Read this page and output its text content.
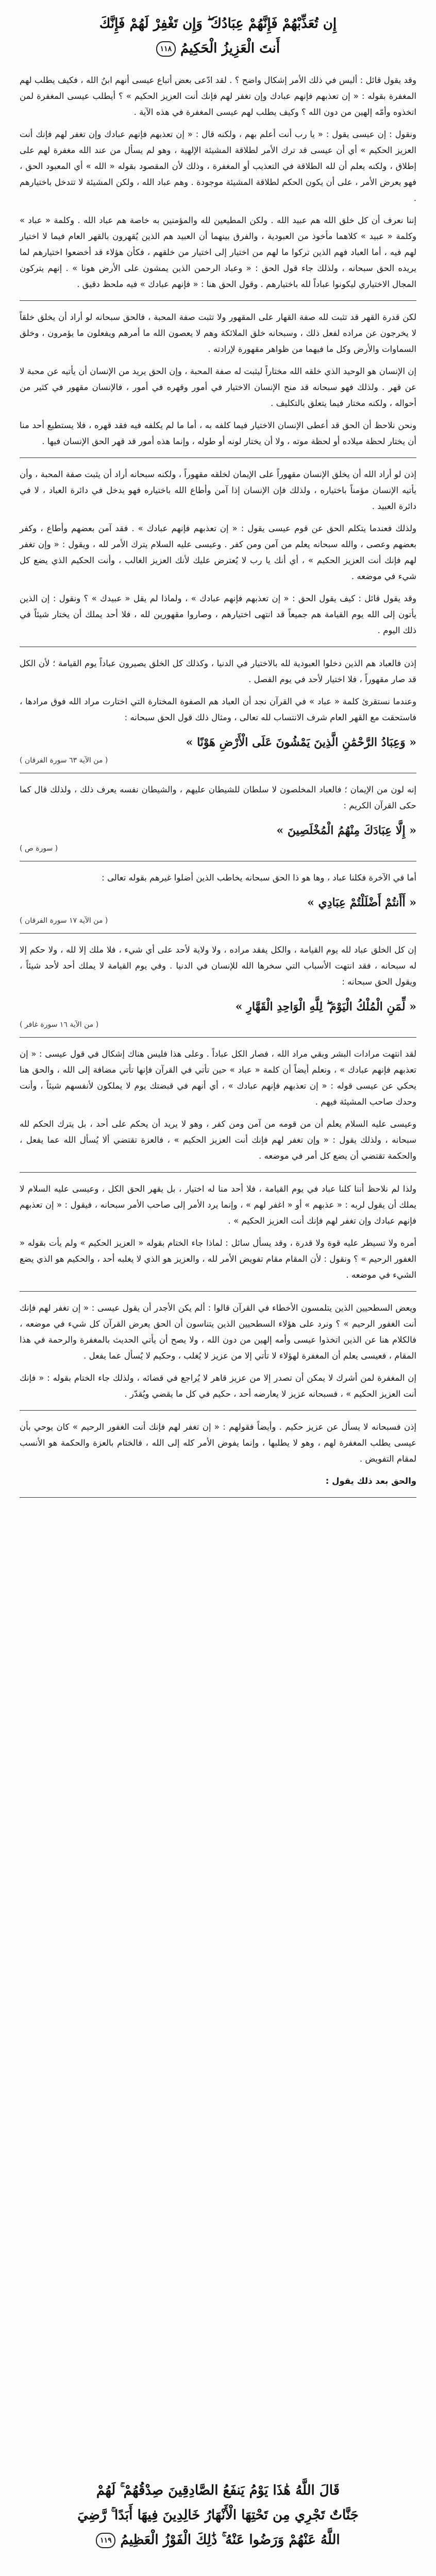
إِن تُعَذِّبْهُمْ فَإِنَّهُمْ عِبَادُكَ ۖ وَإِن تَغْفِرْ لَهُمْ فَإِنَّكَ
أَنتَ الْعَزِيزُ الْحَكِيمُ ١١٨

وقد يقول قائل : أليس في ذلك الأمر إشكال واضح ؟ . لقد ادّعى بعض أتباع عيسى أنهم ابنُ الله ، فكيف يطلب لهم المغفرة بقوله : « إن تعذبهم فإنهم عبادك وإن تغفر لهم فإنك أنت العزيز الحكيم » ؟ أيطلب عيسى المغفرة لمن اتخذوه وأمّه إلهين من دون الله ؟ وكيف يطلب لهم عيسى المغفرة في هذه الآية .

ونقول : إن عيسى يقول : « يا رب أنت أعلم بهم ، ولكنه قال : « إن تعذبهم فإنهم عبادك وإن تغفر لهم فإنك أنت العزيز الحكيم » أي أن عيسى قد ترك الأمر لطلاقة المشيئة الإلهية ، وهو لم يسأل من عند الله مغفرة لهم على إطلاق ، ولكنه يعلم أن لله الطلاقة في التعذيب أو المغفرة ، وذلك لأن المقصود بقوله « الله » أي المعبود الحق ، فهو يعرض الأمر ، على أن يكون الحكم لطلاقة المشيئة موجودة . وهم عباد الله ، ولكن المشيئة لا تتدخل باختيارهم .

إننا نعرف أن كل خلق الله هم عبيد الله . ولكن المطيعين لله والمؤمنين به خاصة هم عباد الله . وكلمة « عباد » وكلمة « عبيد » كلاهما مأخوذ من العبودية ، والفرق بينهما أن العبيد هم الذين يُقهرون بالقهر العام فيما لا اختيار لهم فيه ، أما العباد فهم الذين تركوا ما لهم من اختيار إلى اختيار من خلقهم ، فكأن هؤلاء قد أخضعوا اختيارهم لما يريده الحق سبحانه ، ولذلك جاء قول الحق : « وعباد الرحمن الذين يمشون على الأرض هونا » . إنهم يتركون المجال الاختياري ليكونوا عباداً لله باختيارهم . وقول الحق هنا : « فإنهم عبادك » فيه ملحظ دقيق .

لكن قدرة القهر قد تثبت لله صفة القهار على المقهور ولا تثبت صفة المحبة ، فالحق سبحانه لو أراد أن يخلق خلقاً لا يخرجون عن مراده لفعل ذلك ، وسبحانه خلق الملائكة وهم لا يعصون الله ما أمرهم ويفعلون ما يؤمرون ، وخلق السماوات والأرض وكل ما فيهما من ظواهر مقهورة لإرادته .

إن الإنسان هو الوحيد الذي خلقه الله مختاراً ليثبت له صفة المحبة ، وإن الحق يريد من الإنسان أن يأتيه عن محبة لا عن قهر . ولذلك فهو سبحانه قد منح الإنسان الاختيار في أمور وقهره في أمور ، فالإنسان مقهور في كثير من أحواله ، ولكنه مختار فيما يتعلق بالتكليف .

ونحن نلاحظ أن الحق قد أعطى الإنسان الاختيار فيما كلفه به ، أما ما لم يكلفه فيه فقد قهره ، فلا يستطيع أحد منا أن يختار لحظة ميلاده أو لحظة موته ، ولا أن يختار لونه أو طوله ، وإنما هذه أمور قد قهر الحق الإنسان فيها .

إذن لو أراد الله أن يخلق الإنسان مقهوراً على الإيمان لخلقه مقهوراً ، ولكنه سبحانه أراد أن يثبت صفة المحبة ، وأن يأتيه الإنسان مؤمناً باختياره ، ولذلك فإن الإنسان إذا آمن وأطاع الله باختياره فهو يدخل في دائرة العباد ، لا في دائرة العبيد .

ولذلك فعندما يتكلم الحق عن قوم عيسى يقول : « إن تعذبهم فإنهم عبادك » . فقد آمن بعضهم وأطاع ، وكفر بعضهم وعصى ، والله سبحانه يعلم من آمن ومن كفر . وعيسى عليه السلام يترك الأمر لله ، ويقول : « وإن تغفر لهم فإنك أنت العزيز الحكيم » ، أي أنك يا رب لا يُعترض عليك لأنك العزيز الغالب ، وأنت الحكيم الذي يضع كل شيء في موضعه .

وقد يقول قائل : كيف يقول الحق : « إن تعذبهم فإنهم عبادك » ، ولماذا لم يقل « عبيدك » ؟ ونقول : إن الذين يأتون إلى الله يوم القيامة هم جميعاً قد انتهى اختيارهم ، وصاروا مقهورين لله ، فلا أحد يملك أن يختار شيئاً في ذلك اليوم .

إذن فالعباد هم الذين دخلوا العبودية لله بالاختيار في الدنيا ، وكذلك كل الخلق يصيرون عباداً يوم القيامة ؛ لأن الكل قد صار مقهوراً ، فلا اختيار لأحد في يوم الفصل .

وعندما نستقرئ كلمة « عباد » في القرآن نجد أن العباد هم الصفوة المختارة التي اختارت مراد الله فوق مرادها ، فاستحقت مع القهر العام شرف الانتساب لله تعالى ، ومثال ذلك قول الحق سبحانه :

« وَعِبَادُ الرَّحْمَٰنِ الَّذِينَ يَمْشُونَ عَلَى الْأَرْضِ هَوْنًا »
( من الآية ٦٣ سورة الفرقان )

إنه لون من الإيمان ؛ فالعباد المخلصون لا سلطان للشيطان عليهم ، والشيطان نفسه يعرف ذلك ، ولذلك قال كما حكى القرآن الكريم :

« إِلَّا عِبَادَكَ مِنْهُمُ الْمُخْلَصِينَ »
( سورة ص )

أما في الآخرة فكلنا عباد ، وها هو ذا الحق سبحانه يخاطب الذين أضلوا غيرهم بقوله تعالى :

« أَأَنتُمْ أَضْلَلْتُمْ عِبَادِي »
( من الآية ١٧ سورة الفرقان )

إن كل الخلق عباد لله يوم القيامة ، والكل يفقد مراده ، ولا ولاية لأحد على أي شيء ، فلا ملك إلا لله ، ولا حكم إلا له سبحانه ، فقد انتهت الأسباب التي سخرها الله للإنسان في الدنيا . وفي يوم القيامة لا يملك أحد لأحد شيئاً ، ويقول الحق سبحانه :

« لِّمَنِ الْمُلْكُ الْيَوْمَ ۖ لِلَّهِ الْوَاحِدِ الْقَهَّارِ »
( من الآية ١٦ سورة غافر )

لقد انتهت مرادات البشر وبقي مراد الله ، فصار الكل عباداً . وعلى هذا فليس هناك إشكال في قول عيسى : « إن تعذبهم فإنهم عبادك » ، ونعلم أيضاً أن كلمة « عباد » حين تأتي في القرآن فإنها تأتي مضافة إلى الله ، والحق هنا يحكي عن عيسى قوله : « إن تعذبهم فإنهم عبادك » ، أي أنهم في قبضتك يوم لا يملكون لأنفسهم شيئاً ، وأنت وحدك صاحب المشيئة فيهم .

وعيسى عليه السلام يعلم أن من قومه من آمن ومن كفر ، وهو لا يريد أن يحكم على أحد ، بل يترك الحكم لله سبحانه ، ولذلك يقول : « وإن تغفر لهم فإنك أنت العزيز الحكيم » ، فالعزة تقتضي ألا يُسأل الله عما يفعل ، والحكمة تقتضي أن يضع كل أمر في موضعه .

ولذا لم نلاحظ أننا كلنا عباد في يوم القيامة ، فلا أحد منا له اختيار ، بل يقهر الحق الكل ، وعيسى عليه السلام لا يملك أن يقول لربه : « عذبهم » أو « اغفر لهم » ، وإنما يرد الأمر إلى صاحب الأمر سبحانه ، فيقول : « إن تعذبهم فإنهم عبادك وإن تغفر لهم فإنك أنت العزيز الحكيم » .

أمره ولا تسيطر عليه قوة ولا قدرة ، وقد يسأل سائل : لماذا جاء الختام بقوله « العزيز الحكيم » ولم يأت بقوله « الغفور الرحيم » ؟ ونقول : لأن المقام مقام تفويض الأمر لله ، والعزيز هو الذي لا يغلبه أحد ، والحكيم هو الذي يضع الشيء في موضعه .

ويعض السطحيين الذين يتلمسون الأخطاء في القرآن قالوا : ألم يكن الأجدر أن يقول عيسى : « إن تغفر لهم فإنك أنت الغفور الرحيم » ؟ ونرد على هؤلاء السطحيين الذين يتناسون أن الحق يعرض القرآن كل شيء في موضعه ، فالكلام هنا عن الذين اتخذوا عيسى وأمه إلهين من دون الله ، ولا يصح أن يأتي الحديث بالمغفرة والرحمة في هذا المقام ، فعيسى يعلم أن المغفرة لهؤلاء لا تأتي إلا من عزيز لا يُغلب ، وحكيم لا يُسأل عما يفعل .

إن المغفرة لمن أشرك لا يمكن أن تصدر إلا من عزيز قاهر لا يُراجع في قضائه ، ولذلك جاء الختام بقوله : « فإنك أنت العزيز الحكيم » ، فسبحانه عزيز لا يعارضه أحد ، حكيم في كل ما يقضي ويُقدّر .

إذن فسبحانه لا يسأل عن عزيز حكيم . وأيضاً فقولهم : « إن تغفر لهم فإنك أنت الغفور الرحيم » كان يوحي بأن عيسى يطلب المغفرة لهم ، وهو لا يطلبها ، وإنما يفوض الأمر كله إلى الله ، فالختام بالعزة والحكمة هو الأنسب لمقام التفويض .

والحق بعد ذلك يقول :

قَالَ اللَّهُ هَٰذَا يَوْمُ يَنفَعُ الصَّادِقِينَ صِدْقُهُمْ ۚ لَهُمْ
جَنَّاتٌ تَجْرِي مِن تَحْتِهَا الْأَنْهَارُ خَالِدِينَ فِيهَا أَبَدًا ۚ رَّضِيَ
اللَّهُ عَنْهُمْ وَرَضُوا عَنْهُ ۚ ذَٰلِكَ الْفَوْزُ الْعَظِيمُ ١١٩
